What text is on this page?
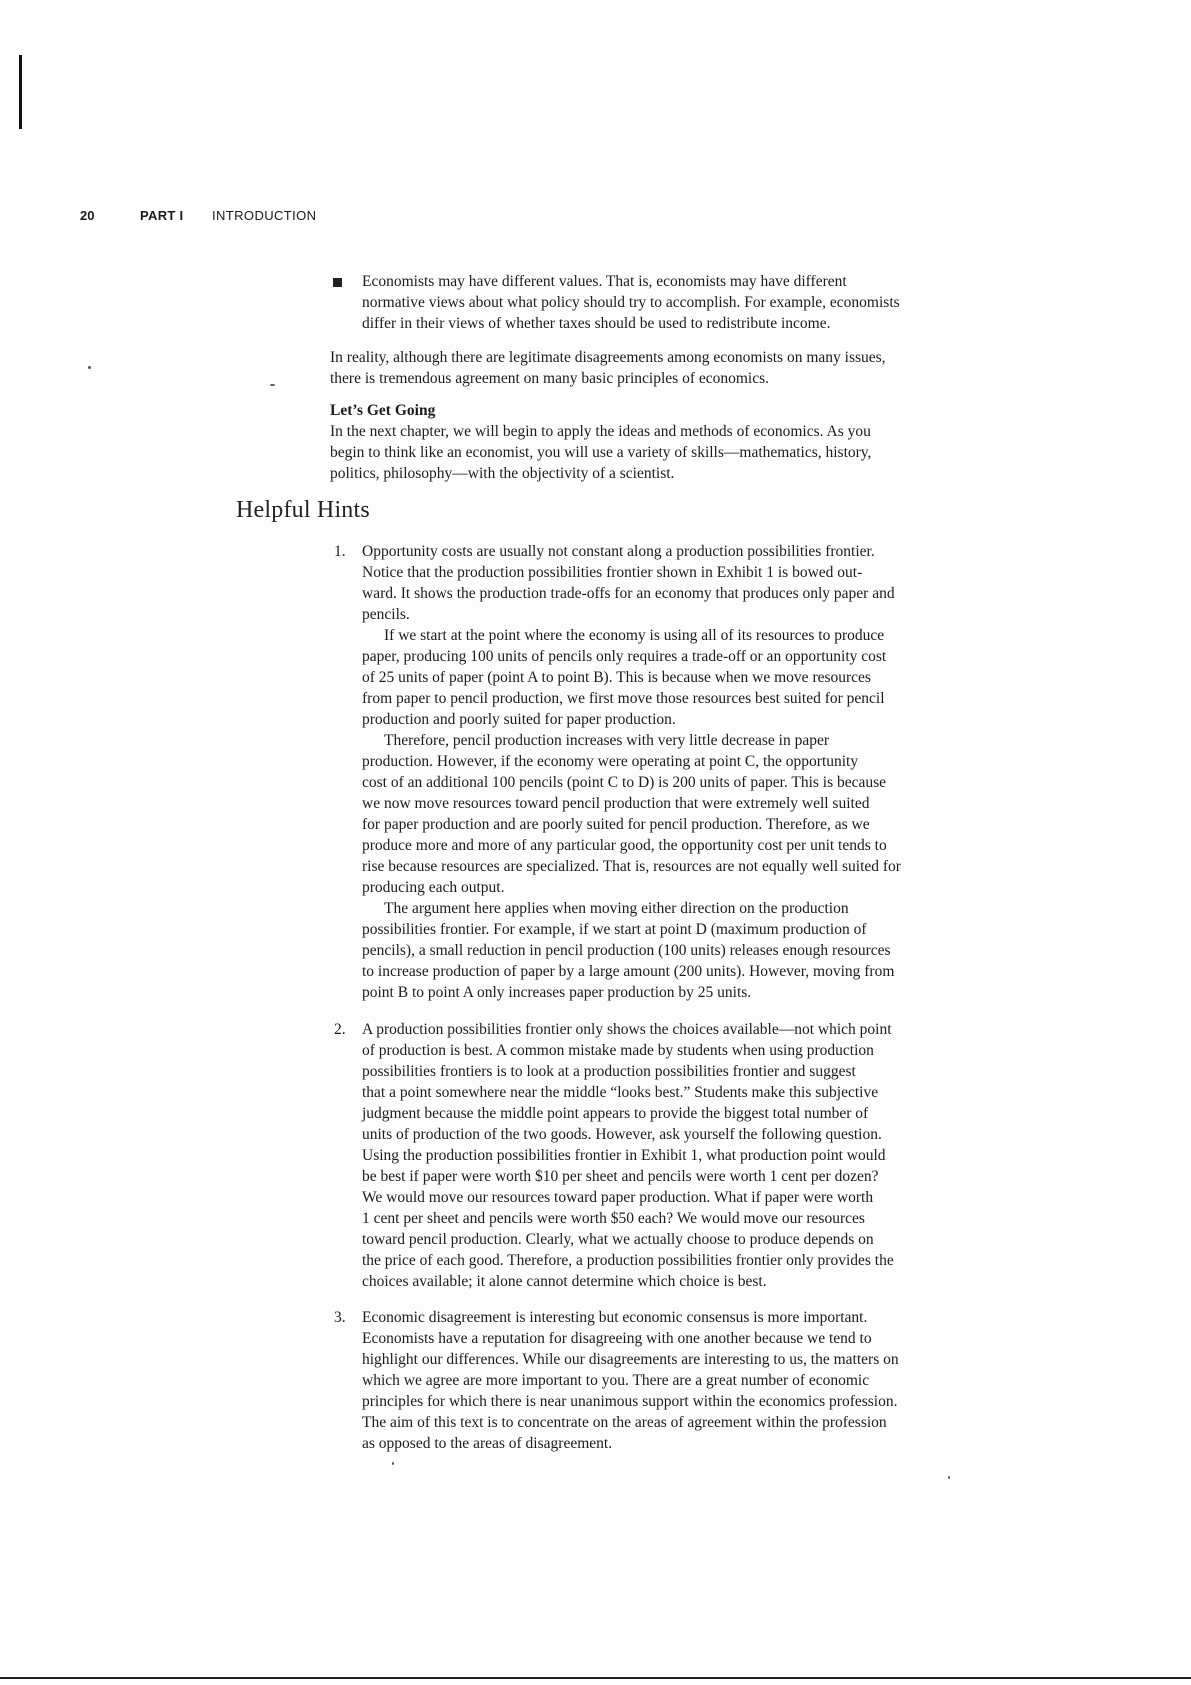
20	PART I INTRODUCTION
Economists may have different values. That is, economists may have different
normative views about what policy should try to accomplish. For example, economists
differ in their views of whether taxes should be used to redistribute income.
In reality, although there are legitimate disagreements among economists on many issues,
there is tremendous agreement on many basic principles of economics.
Let’s Get Going
In the next chapter, we will begin to apply the ideas and methods of economics. As you
begin to think like an economist, you will use a variety of skills—mathematics, history,
politics, philosophy—with the objectivity of a scientist.
Helpful Hints
1.	Opportunity costs are usually not constant along a production possibilities frontier.
Notice that the production possibilities frontier shown in Exhibit 1 is bowed out-
ward. It shows the production trade-offs for an economy that produces only paper and
pencils.
If we start at the point where the economy is using all of its resources to produce
paper, producing 100 units of pencils only requires a trade-off or an opportunity cost
of 25 units of paper (point A to point B). This is because when we move resources
from paper to pencil production, we first move those resources best suited for pencil
production and poorly suited for paper production.
Therefore, pencil production increases with very little decrease in paper
production. However, if the economy were operating at point C, the opportunity
cost of an additional 100 pencils (point C to D) is 200 units of paper. This is because
we now move resources toward pencil production that were extremely well suited
for paper production and are poorly suited for pencil production. Therefore, as we
produce more and more of any particular good, the opportunity cost per unit tends to
rise because resources are specialized. That is, resources are not equally well suited for
producing each output.
The argument here applies when moving either direction on the production
possibilities frontier. For example, if we start at point D (maximum production of
pencils), a small reduction in pencil production (100 units) releases enough resources
to increase production of paper by a large amount (200 units). However, moving from
point B to point A only increases paper production by 25 units.
2.	A production possibilities frontier only shows the choices available—not which point
of production is best. A common mistake made by students when using production
possibilities frontiers is to look at a production possibilities frontier and suggest
that a point somewhere near the middle “looks best.” Students make this subjective
judgment because the middle point appears to provide the biggest total number of
units of production of the two goods. However, ask yourself the following question.
Using the production possibilities frontier in Exhibit 1, what production point would
be best if paper were worth $10 per sheet and pencils were worth 1 cent per dozen?
We would move our resources toward paper production. What if paper were worth
1 cent per sheet and pencils were worth $50 each? We would move our resources
toward pencil production. Clearly, what we actually choose to produce depends on
the price of each good. Therefore, a production possibilities frontier only provides the
choices available; it alone cannot determine which choice is best.
3.	Economic disagreement is interesting but economic consensus is more important.
Economists have a reputation for disagreeing with one another because we tend to
highlight our differences. While our disagreements are interesting to us, the matters on
which we agree are more important to you. There are a great number of economic
principles for which there is near unanimous support within the economics profession.
The aim of this text is to concentrate on the areas of agreement within the profession
as opposed to the areas of disagreement.
